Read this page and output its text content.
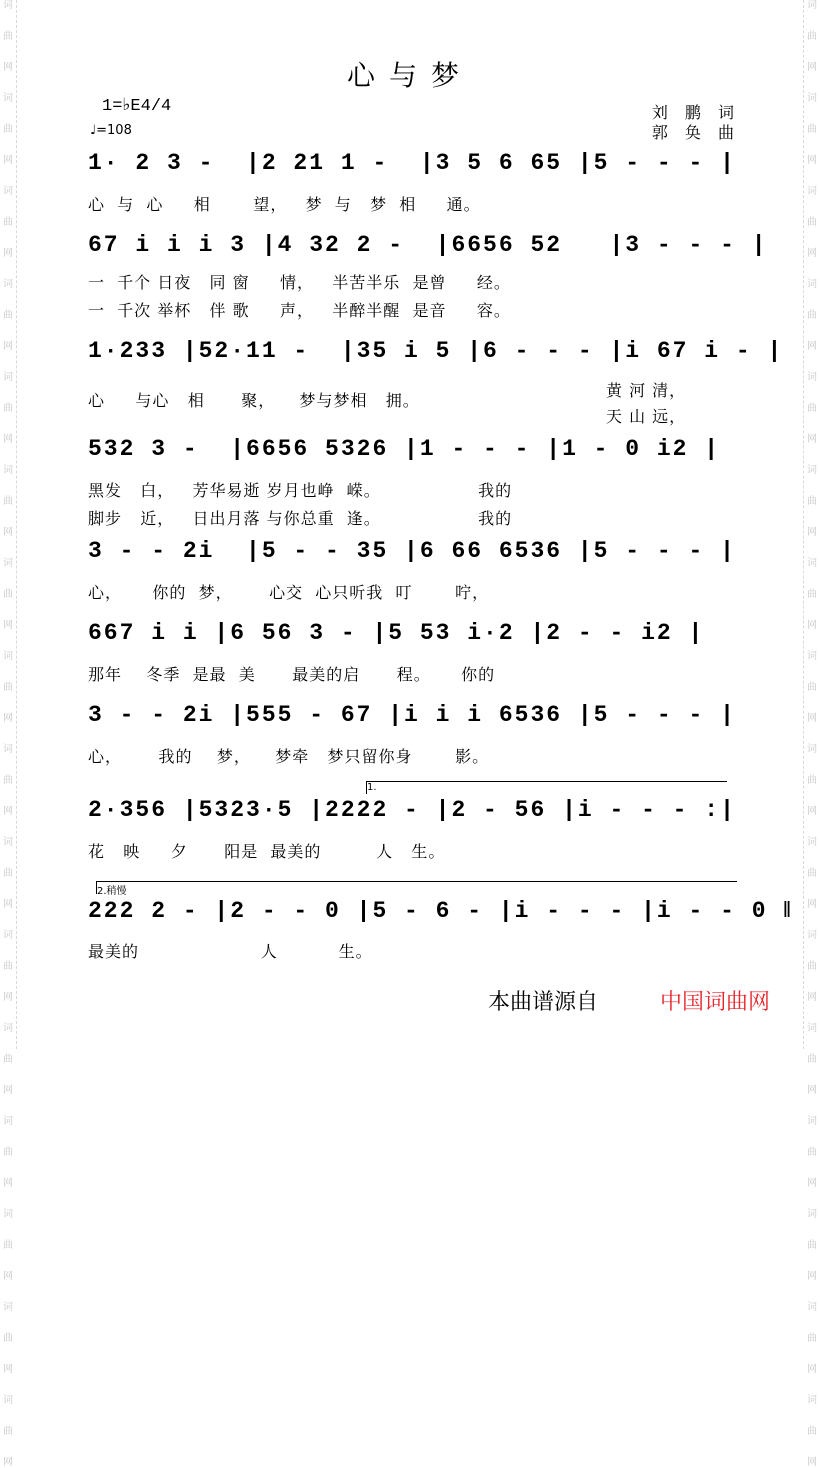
词
曲
网
词
曲
网
词
曲
网
词
曲
网
词
曲
网
词
曲
网
词
曲
网
词
曲
网
词
曲
网
词
曲
网
词
曲
网
词
曲
网
词
曲
网
词
曲
网
词
曲
网
词
曲
网
词
曲
网
词
曲
网
词
曲
网
词
曲
网
词
曲
网
词
曲
网
词
曲
网
词
曲
网
词
曲
网
词
曲
网
词
曲
网
词
曲
网
词
曲
网
词
曲
网
词
曲
网
词
曲
网
心与梦
1=♭E4/4
♩=108
刘 鹏 词
郭 奂 曲
1· 2 3 -  |2 21 1 -  |3 5 6 65 |5 - - - |
心  与  心     相       望，   梦  与   梦  相     通。
67 i i i 3 |4 32 2 -  |6656 52   |3 - - - |
一  千个 日夜   同 窗     情，   半苦半乐  是曾     经。
一  千次 举杯   伴 歌     声，   半醉半醒  是音     容。
1·233 |52·11 -  |35 i 5 |6 - - - |i 67 i - |
心     与心   相      聚，    梦与梦相   拥。
黄 河 清，
天 山 远，
532 3 -  |6656 5326 |1 - - - |1 - 0 i2 |
黑发   白，   芳华易逝 岁月也峥  嵘。                我的
脚步   近，   日出月落 与你总重  逢。                我的
3 - - 2i  |5 - - 35 |6 66 6536 |5 - - - |
心，     你的  梦，      心交  心只听我  叮       咛，
667 i i |6 56 3 - |5 53 i·2 |2 - - i2 |
那年    冬季  是最  美      最美的启      程。     你的
3 - - 2i |555 - 67 |i i i 6536 |5 - - - |
心，      我的    梦，    梦牵   梦只留你身       影。
2·356 |5323·5 |2222 - |2 - 56 |i - - - :|
花   映     夕      阳是  最美的         人   生。
1.
222 2 - |2 - - 0 |5 - 6 - |i - - - |i - - 0 ‖
最美的                    人          生。
2.稍慢
本曲谱源自	中国词曲网
